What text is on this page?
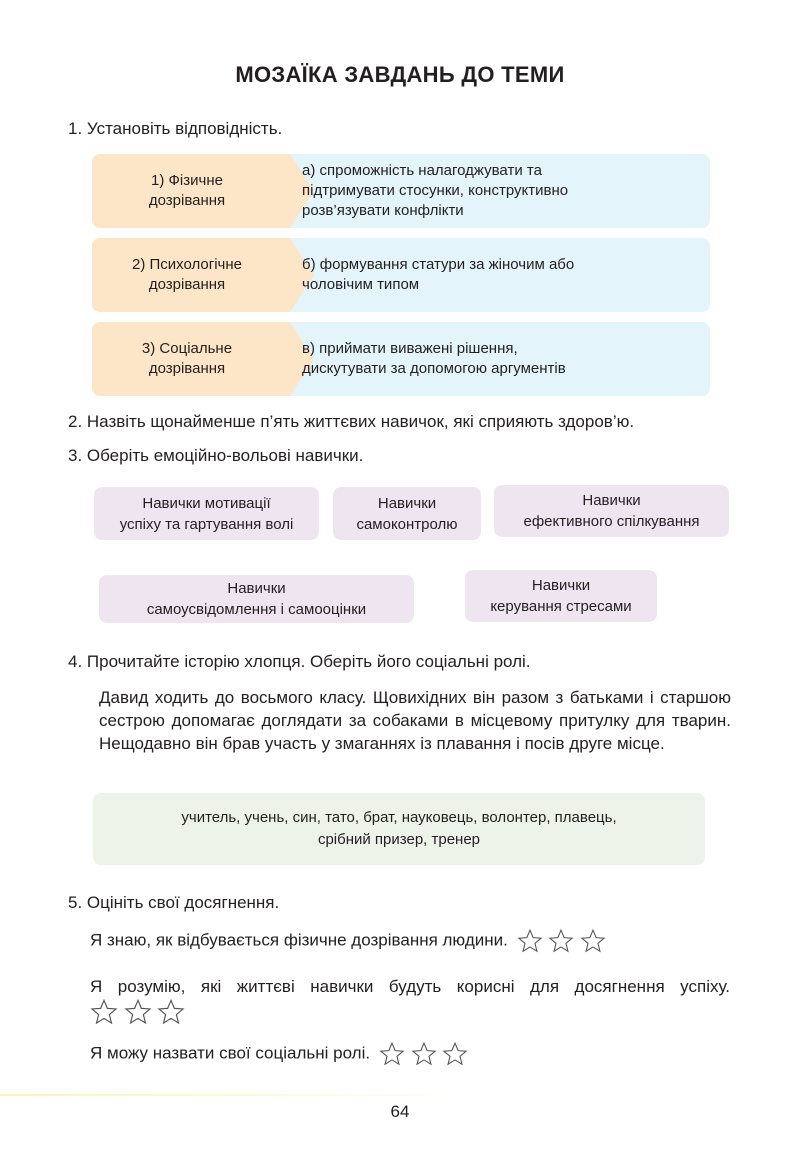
МОЗАЇКА ЗАВДАНЬ ДО ТЕМИ
1. Установіть відповідність.
1) Фізичне
дозрівання
а) спроможність налагоджувати та
підтримувати стосунки, конструктивно
розв’язувати конфлікти
2) Психологічне
дозрівання
б) формування статури за жіночим або
чоловічим типом
3) Соціальне
дозрівання
в) приймати виважені рішення,
дискутувати за допомогою аргументів
2. Назвіть щонайменше п’ять життєвих навичок, які сприяють здоров’ю.
3. Оберіть емоційно-вольові навички.
Навички мотивації
успіху та гартування волі
Навички
самоконтролю
Навички
ефективного спілкування
Навички
самоусвідомлення і самооцінки
Навички
керування стресами
4. Прочитайте історію хлопця. Оберіть його соціальні ролі.
Давид ходить до восьмого класу. Щовихідних він разом з батьками і старшою сестрою допомагає доглядати за собаками в місцевому притулку для тварин. Нещодавно він брав участь у змаганнях із плавання і посів друге місце.
учитель, учень, син, тато, брат, науковець, волонтер, плавець,
срібний призер, тренер
5. Оцініть свої досягнення.
Я знаю, як відбувається фізичне дозрівання людини.
Я розумію, які життєві навички будуть корисні для досягнення успіху.
Я можу назвати свої соціальні ролі.
64
